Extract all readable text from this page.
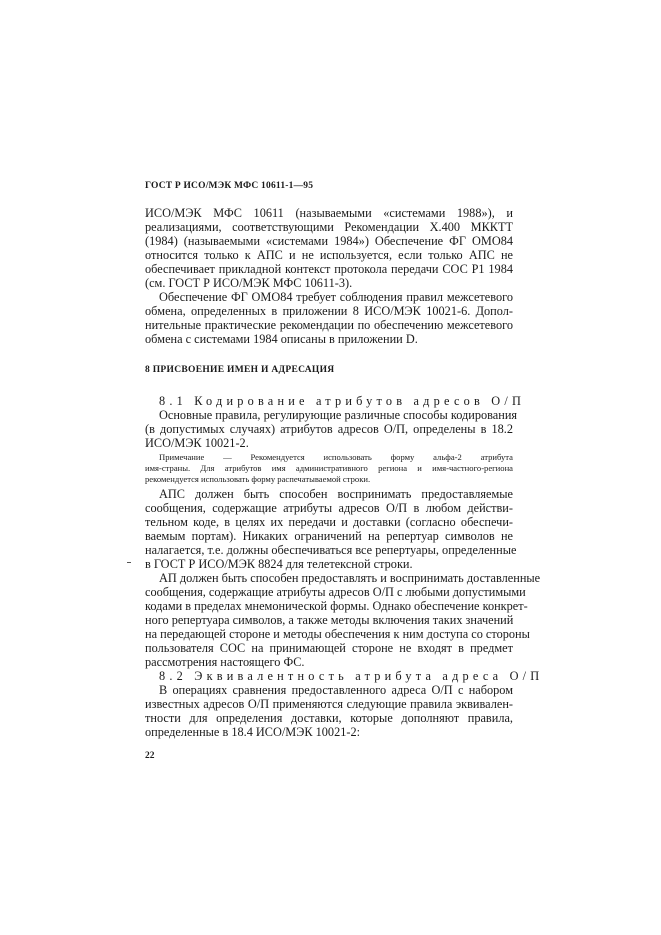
ГОСТ Р ИСО/МЭК МФС 10611-1—95
ИСО/МЭК МФС 10611 (называемыми «системами 1988»), и
реализациями, соответствующими Рекомендации X.400 МККТТ
(1984) (называемыми «системами 1984») Обеспечение ФГ ОМО84
относится только к АПС и не используется, если только АПС не
обеспечивает прикладной контекст протокола передачи СОС Р1 1984
(см. ГОСТ Р ИСО/МЭК МФС 10611-3).
Обеспечение ФГ ОМО84 требует соблюдения правил межсетевого
обмена, определенных в приложении 8 ИСО/МЭК 10021-6. Допол-
нительные практические рекомендации по обеспечению межсетевого
обмена с системами 1984 описаны в приложении D.
8 ПРИСВОЕНИЕ ИМЕН И АДРЕСАЦИЯ
8.1 Кодирование атрибутов адресов О/П
Основные правила, регулирующие различные способы кодирования
(в допустимых случаях) атрибутов адресов О/П, определены в 18.2
ИСО/МЭК 10021-2.
Примечание — Рекомендуется использовать форму альфа-2 атрибута
имя-страны. Для атрибутов имя административного региона и имя-частного-региона
рекомендуется использовать форму распечатываемой строки.
АПС должен быть способен воспринимать предоставляемые
сообщения, содержащие атрибуты адресов О/П в любом действи-
тельном коде, в целях их передачи и доставки (согласно обеспечи-
ваемым портам). Никаких ограничений на репертуар символов не
налагается, т.е. должны обеспечиваться все репертуары, определенные
в ГОСТ Р ИСО/МЭК 8824 для телетексной строки.
АП должен быть способен предоставлять и воспринимать доставленные
сообщения, содержащие атрибуты адресов О/П с любыми допустимыми
кодами в пределах мнемонической формы. Однако обеспечение конкрет-
ного репертуара символов, а также методы включения таких значений
на передающей стороне и методы обеспечения к ним доступа со стороны
пользователя СОС на принимающей стороне не входят в предмет
рассмотрения настоящего ФС.
8.2 Эквивалентность атрибута адреса О/П
В операциях сравнения предоставленного адреса О/П с набором
известных адресов О/П применяются следующие правила эквивален-
тности для определения доставки, которые дополняют правила,
определенные в 18.4 ИСО/МЭК 10021-2:
22
